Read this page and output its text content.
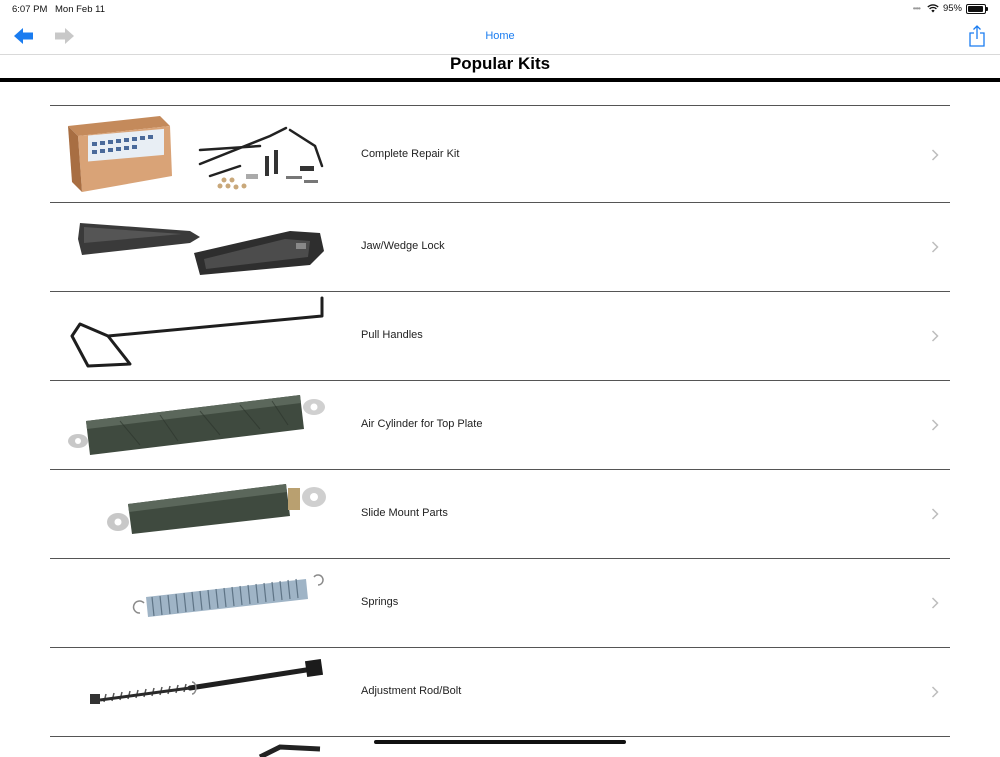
6:07 PM Mon Feb 11	•••• 95%
Home
Popular Kits
Complete Repair Kit
Jaw/Wedge Lock
Pull Handles
Air Cylinder for Top Plate
Slide Mount Parts
Springs
Adjustment Rod/Bolt
